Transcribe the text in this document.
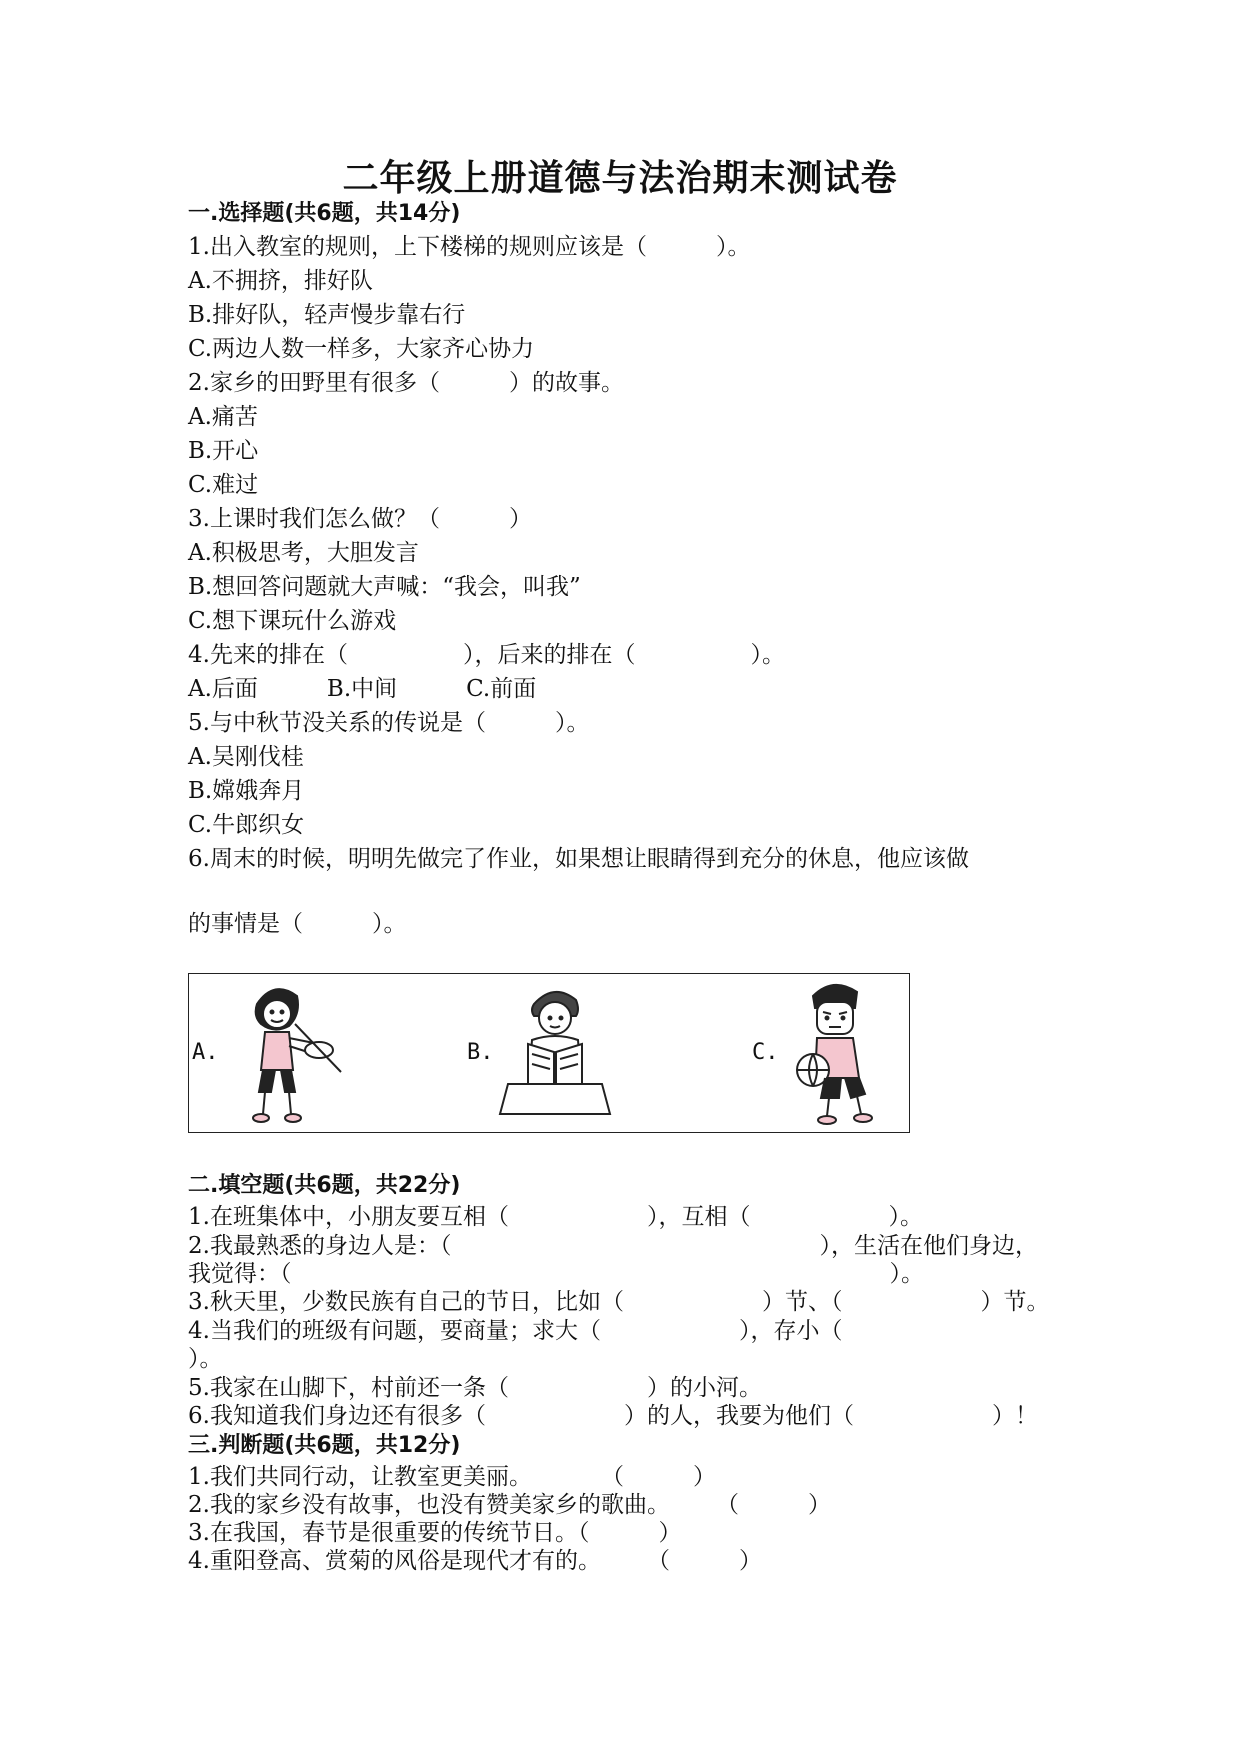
二年级上册道德与法治期末测试卷
一.选择题(共6题，共14分)
1.出入教室的规则，上下楼梯的规则应该是（　　　）。
A.不拥挤，排好队
B.排好队，轻声慢步靠右行
C.两边人数一样多，大家齐心协力
2.家乡的田野里有很多（　　　）的故事。
A.痛苦
B.开心
C.难过
3.上课时我们怎么做？（　　　）
A.积极思考，大胆发言
B.想回答问题就大声喊：“我会，叫我”
C.想下课玩什么游戏
4.先来的排在（　　　　　），后来的排在（　　　　　）。
A.后面　　　B.中间　　　C.前面
5.与中秋节没关系的传说是（　　　）。
A.吴刚伐桂
B.嫦娥奔月
C.牛郎织女
6.周末的时候，明明先做完了作业，如果想让眼睛得到充分的休息，他应该做
的事情是（　　　）。
A.	B.	C.
二.填空题(共6题，共22分)
1.在班集体中，小朋友要互相（　　　　　　），互相（　　　　　　）。
2.我最熟悉的身边人是：（　　　　　　　　　　　　　　　　），生活在他们身边，
我觉得：（　　　　　　　　　　　　　　　　　　　　　　　　　　）。
3.秋天里，少数民族有自己的节日，比如（　　　　　　）节、（　　　　　　）节。
4.当我们的班级有问题，要商量；求大（　　　　　　），存小（
）。
5.我家在山脚下，村前还一条（　　　　　　）的小河。
6.我知道我们身边还有很多（　　　　　　）的人，我要为他们（　　　　　　）！
三.判断题(共6题，共12分)
1.我们共同行动，让教室更美丽。　　　　（　　　）
2.我的家乡没有故事，也没有赞美家乡的歌曲。　　　（　　　）
3.在我国，春节是很重要的传统节日。（　　　）
4.重阳登高、赏菊的风俗是现代才有的。　　　（　　　）
